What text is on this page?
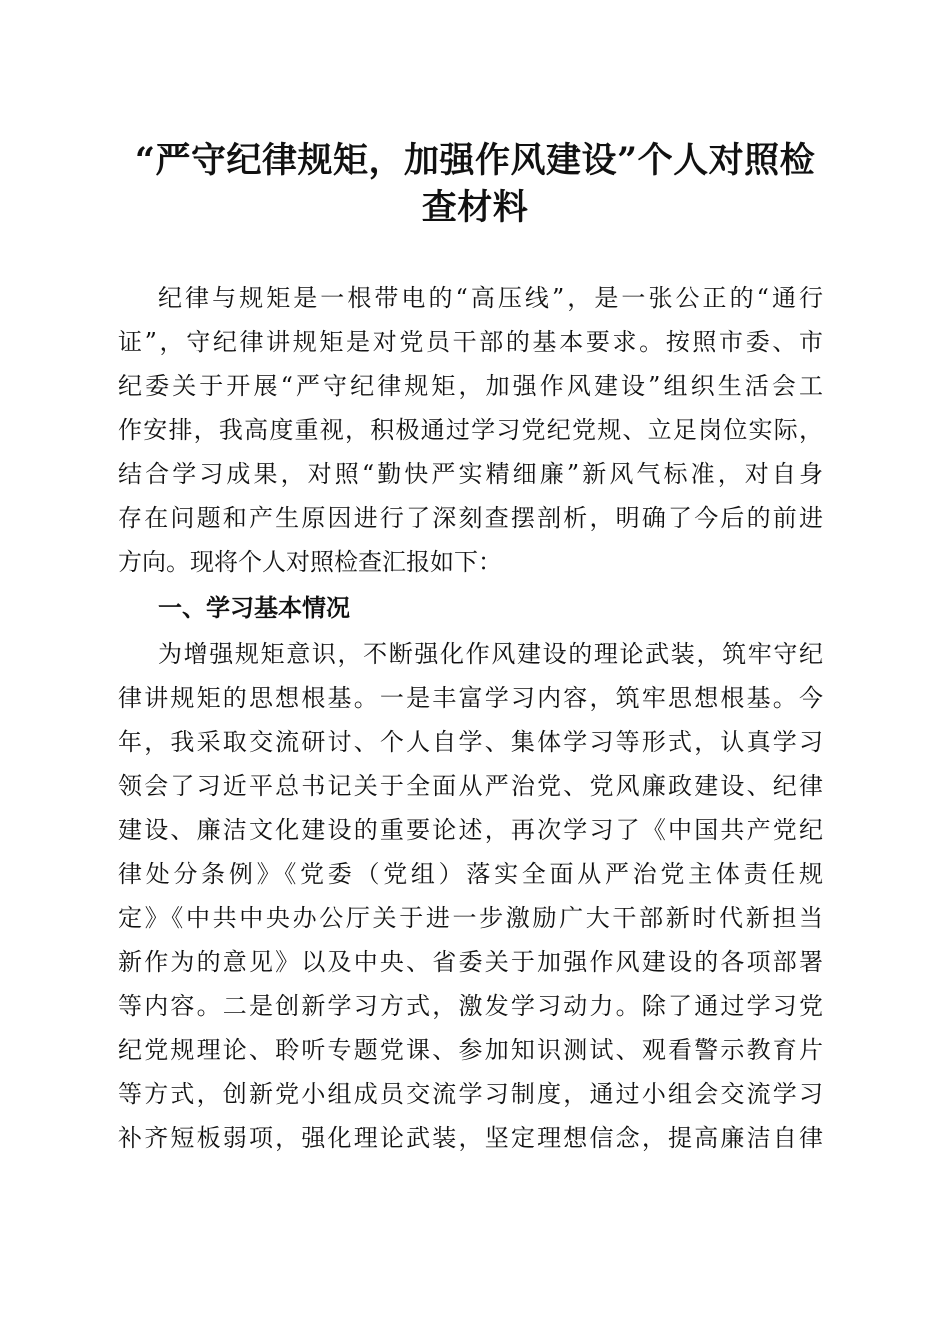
“严守纪律规矩，加强作风建设”个人对照检
查材料

纪律与规矩是一根带电的“高压线”，是一张公正的“通行

证”，守纪律讲规矩是对党员干部的基本要求。按照市委、市

纪委关于开展“严守纪律规矩，加强作风建设”组织生活会工

作安排，我高度重视，积极通过学习党纪党规、立足岗位实际，

结合学习成果，对照“勤快严实精细廉”新风气标准，对自身

存在问题和产生原因进行了深刻查摆剖析，明确了今后的前进

方向。现将个人对照检查汇报如下：

一、学习基本情况

为增强规矩意识，不断强化作风建设的理论武装，筑牢守纪

律讲规矩的思想根基。一是丰富学习内容，筑牢思想根基。今

年，我采取交流研讨、个人自学、集体学习等形式，认真学习

领会了习近平总书记关于全面从严治党、党风廉政建设、纪律

建设、廉洁文化建设的重要论述，再次学习了《中国共产党纪

律处分条例》《党委（党组）落实全面从严治党主体责任规

定》《中共中央办公厅关于进一步激励广大干部新时代新担当

新作为的意见》以及中央、省委关于加强作风建设的各项部署

等内容。二是创新学习方式，激发学习动力。除了通过学习党

纪党规理论、聆听专题党课、参加知识测试、观看警示教育片

等方式，创新党小组成员交流学习制度，通过小组会交流学习

补齐短板弱项，强化理论武装，坚定理想信念，提高廉洁自律
